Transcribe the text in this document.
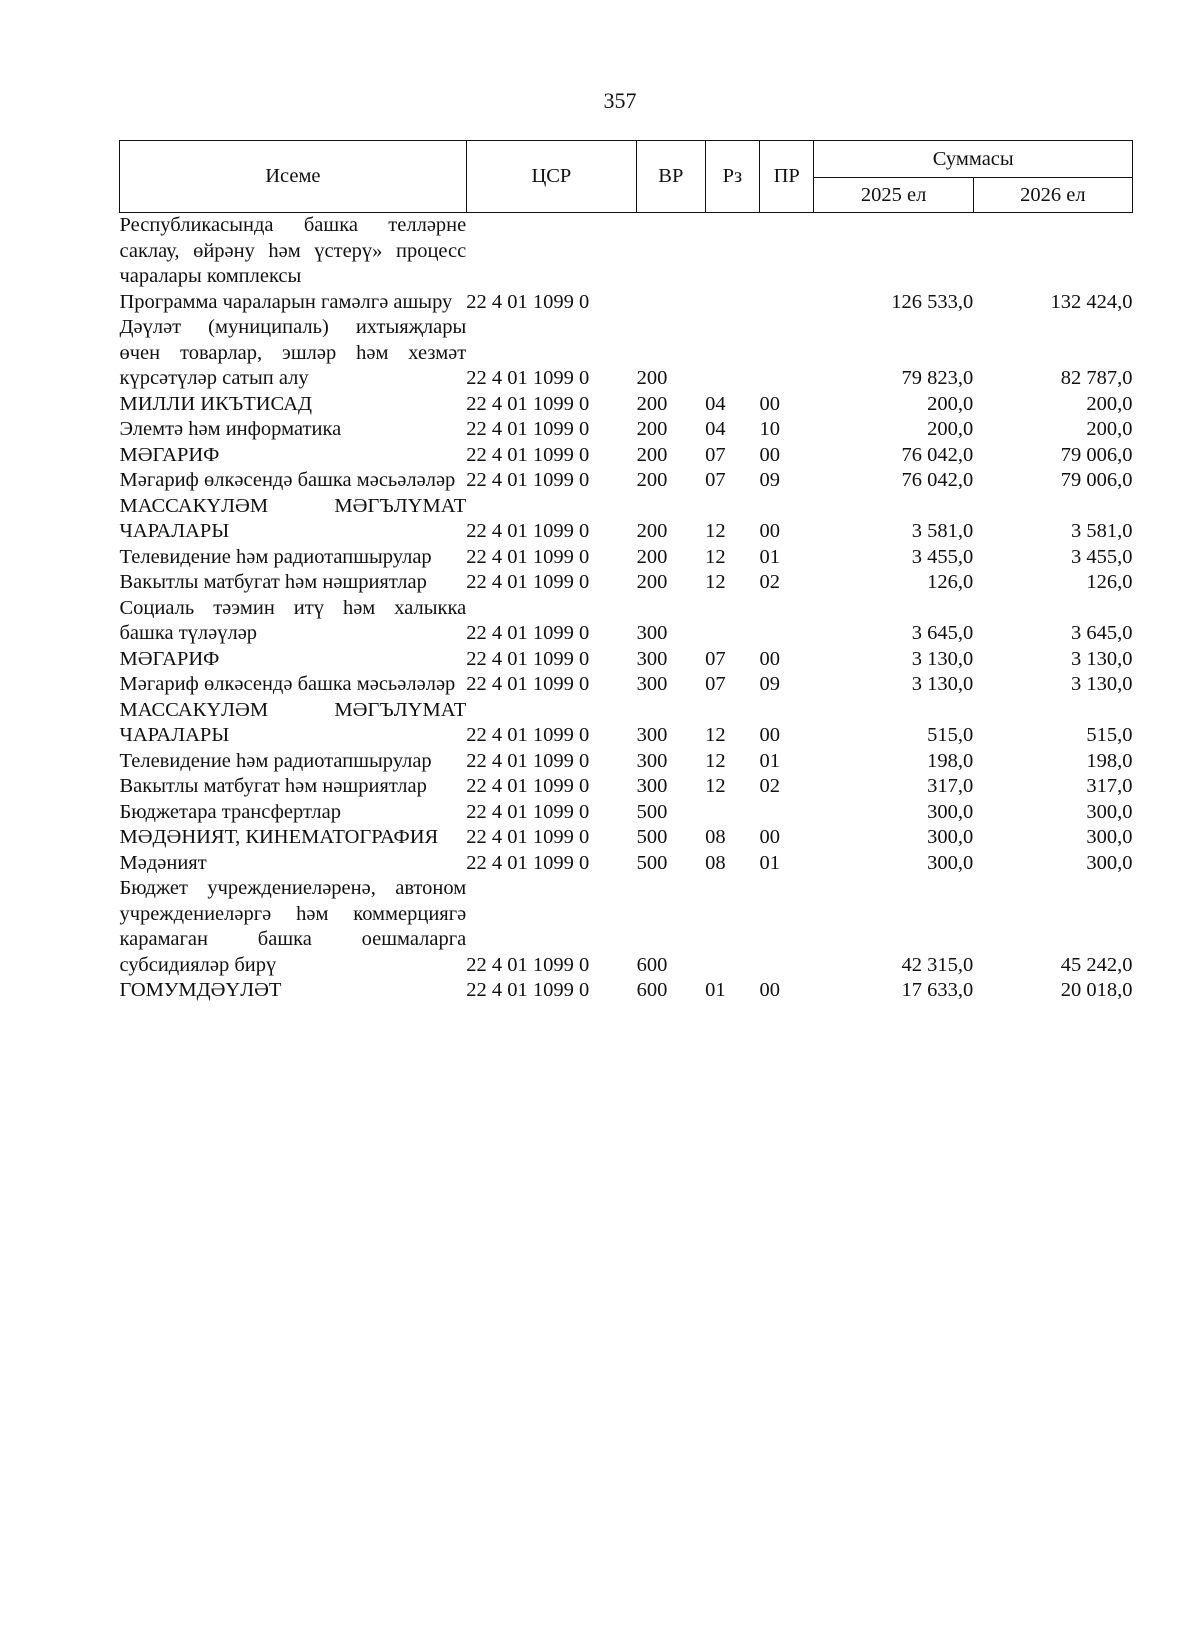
357
Исеме	ЦСР	ВР	Рз	ПР	Суммасы	
					2025 ел	2026 ел
Республикасында башка телләрне саклау, өйрәну һәм үстерү» процесс чаралары комплексы						
Программа чараларын гамәлгә ашыру	22 4 01 1099 0				126 533,0	132 424,0
Дәүләт (муниципаль) ихтыяҗлары өчен товарлар, эшләр һәм хезмәт күрсәтүләр сатып алу	22 4 01 1099 0	200			79 823,0	82 787,0
МИЛЛИ ИКЪТИСАД	22 4 01 1099 0	200	04	00	200,0	200,0
Элемтә һәм информатика	22 4 01 1099 0	200	04	10	200,0	200,0
МӘГАРИФ	22 4 01 1099 0	200	07	00	76 042,0	79 006,0
Мәгариф өлкәсендә башка мәсьәләләр	22 4 01 1099 0	200	07	09	76 042,0	79 006,0
МАССАКҮЛӘМ МӘГЪЛҮМАТ ЧАРАЛАРЫ	22 4 01 1099 0	200	12	00	3 581,0	3 581,0
Телевидение һәм радиотапшырулар	22 4 01 1099 0	200	12	01	3 455,0	3 455,0
Вакытлы матбугат һәм нәшриятлар	22 4 01 1099 0	200	12	02	126,0	126,0
Социаль тәэмин итү һәм халыкка башка түләүләр	22 4 01 1099 0	300			3 645,0	3 645,0
МӘГАРИФ	22 4 01 1099 0	300	07	00	3 130,0	3 130,0
Мәгариф өлкәсендә башка мәсьәләләр	22 4 01 1099 0	300	07	09	3 130,0	3 130,0
МАССАКҮЛӘМ МӘГЪЛҮМАТ ЧАРАЛАРЫ	22 4 01 1099 0	300	12	00	515,0	515,0
Телевидение һәм радиотапшырулар	22 4 01 1099 0	300	12	01	198,0	198,0
Вакытлы матбугат һәм нәшриятлар	22 4 01 1099 0	300	12	02	317,0	317,0
Бюджетара трансфертлар	22 4 01 1099 0	500			300,0	300,0
МӘДӘНИЯТ, КИНЕМАТОГРАФИЯ	22 4 01 1099 0	500	08	00	300,0	300,0
Мәдәният	22 4 01 1099 0	500	08	01	300,0	300,0
Бюджет учреждениеләренә, автоном учреждениеләргә һәм коммерциягә карамаган башка оешмаларга субсидияләр бирү	22 4 01 1099 0	600			42 315,0	45 242,0
ГОМУМДӘҮЛӘТ	22 4 01 1099 0	600	01	00	17 633,0	20 018,0
